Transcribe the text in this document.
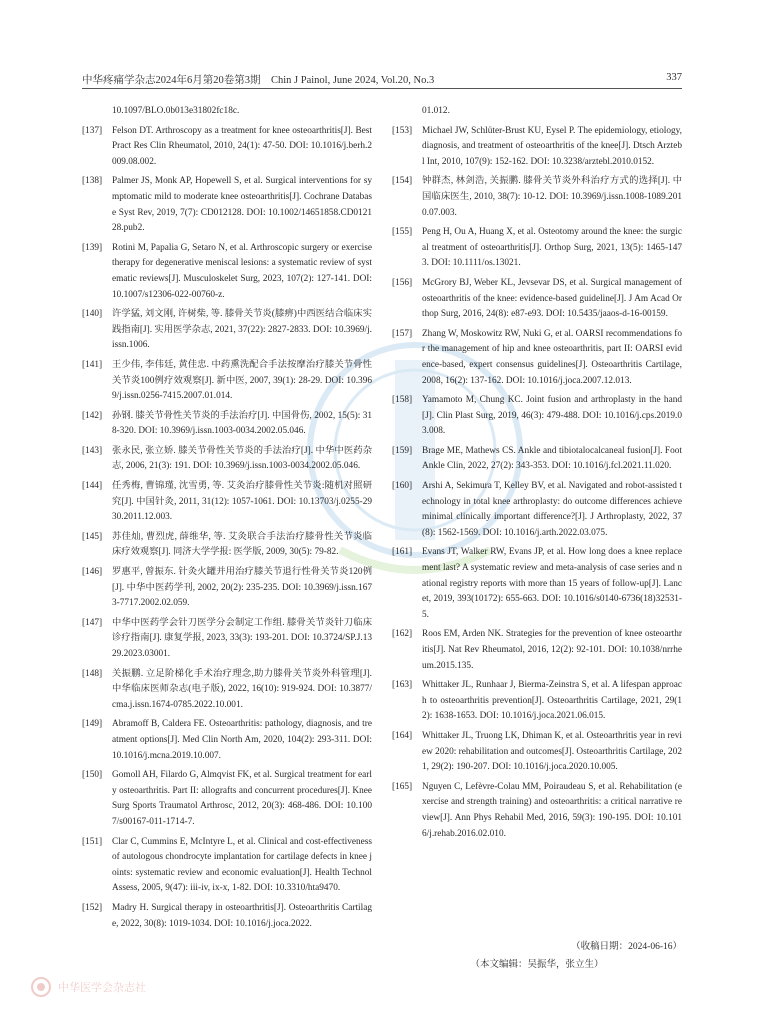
中华疼痛学杂志2024年6月第20卷第3期　Chin J Painol, June 2024, Vol.20, No.3	337
10.1097/BLO.0b013e31802fc18c.
[137] Felson DT. Arthroscopy as a treatment for knee osteoarthritis[J]. Best Pract Res Clin Rheumatol, 2010, 24(1): 47-50. DOI: 10.1016/j.berh.2009.08.002.
[138] Palmer JS, Monk AP, Hopewell S, et al. Surgical interventions for symptomatic mild to moderate knee osteoarthritis[J]. Cochrane Database Syst Rev, 2019, 7(7): CD012128. DOI: 10.1002/14651858.CD012128.pub2.
[139] Rotini M, Papalia G, Setaro N, et al. Arthroscopic surgery or exercise therapy for degenerative meniscal lesions: a systematic review of systematic reviews[J]. Musculoskelet Surg, 2023, 107(2): 127-141. DOI: 10.1007/s12306-022-00760-z.
[140] 许学猛, 刘文刚, 许树柴, 等. 膝骨关节炎(膝痹)中西医结合临床实践指南[J]. 实用医学杂志, 2021, 37(22): 2827-2833. DOI: 10.3969/j.issn.1006.
[141] 王少伟, 李伟廷, 黄佳忠. 中药熏洗配合手法按摩治疗膝关节骨性关节炎100例疗效观察[J]. 新中医, 2007, 39(1): 28-29. DOI: 10.3969/j.issn.0256-7415.2007.01.014.
[142] 孙钢. 膝关节骨性关节炎的手法治疗[J]. 中国骨伤, 2002, 15(5): 318-320. DOI: 10.3969/j.issn.1003-0034.2002.05.046.
[143] 张永民, 张立娇. 膝关节骨性关节炎的手法治疗[J]. 中华中医药杂志, 2006, 21(3): 191. DOI: 10.3969/j.issn.1003-0034.2002.05.046.
[144] 任秀梅, 曹锦瑾, 沈雪勇, 等. 艾灸治疗膝骨性关节炎:随机对照研究[J]. 中国针灸, 2011, 31(12): 1057-1061. DOI: 10.13703/j.0255-2930.2011.12.003.
[145] 苏佳灿, 曹烈虎, 薛维华, 等. 艾灸联合手法治疗膝骨性关节炎临床疗效观察[J]. 同济大学学报: 医学版, 2009, 30(5): 79-82.
[146] 罗惠平, 曾振东. 针灸火罐并用治疗膝关节退行性骨关节炎120例[J]. 中华中医药学刊, 2002, 20(2): 235-235. DOI: 10.3969/j.issn.1673-7717.2002.02.059.
[147] 中华中医药学会针刀医学分会制定工作组. 膝骨关节炎针刀临床诊疗指南[J]. 康复学报, 2023, 33(3): 193-201. DOI: 10.3724/SP.J.1329.2023.03001.
[148] 关振鹏. 立足阶梯化手术治疗理念,助力膝骨关节炎外科管理[J]. 中华临床医师杂志(电子版), 2022, 16(10): 919-924. DOI: 10.3877/cma.j.issn.1674-0785.2022.10.001.
[149] Abramoff B, Caldera FE. Osteoarthritis: pathology, diagnosis, and treatment options[J]. Med Clin North Am, 2020, 104(2): 293-311. DOI: 10.1016/j.mcna.2019.10.007.
[150] Gomoll AH, Filardo G, Almqvist FK, et al. Surgical treatment for early osteoarthritis. Part II: allografts and concurrent procedures[J]. Knee Surg Sports Traumatol Arthrosc, 2012, 20(3): 468-486. DOI: 10.1007/s00167-011-1714-7.
[151] Clar C, Cummins E, McIntyre L, et al. Clinical and cost-effectiveness of autologous chondrocyte implantation for cartilage defects in knee joints: systematic review and economic evaluation[J]. Health Technol Assess, 2005, 9(47): iii-iv, ix-x, 1-82. DOI: 10.3310/hta9470.
[152] Madry H. Surgical therapy in osteoarthritis[J]. Osteoarthritis Cartilage, 2022, 30(8): 1019-1034. DOI: 10.1016/j.joca.2022.
01.012.
[153] Michael JW, Schlüter-Brust KU, Eysel P. The epidemiology, etiology, diagnosis, and treatment of osteoarthritis of the knee[J]. Dtsch Arztebl Int, 2010, 107(9): 152-162. DOI: 10.3238/arztebl.2010.0152.
[154] 钟群杰, 林剑浩, 关振鹏. 膝骨关节炎外科治疗方式的选择[J]. 中国临床医生, 2010, 38(7): 10-12. DOI: 10.3969/j.issn.1008-1089.2010.07.003.
[155] Peng H, Ou A, Huang X, et al. Osteotomy around the knee: the surgical treatment of osteoarthritis[J]. Orthop Surg, 2021, 13(5): 1465-1473. DOI: 10.1111/os.13021.
[156] McGrory BJ, Weber KL, Jevsevar DS, et al. Surgical management of osteoarthritis of the knee: evidence-based guideline[J]. J Am Acad Orthop Surg, 2016, 24(8): e87-e93. DOI: 10.5435/jaaos-d-16-00159.
[157] Zhang W, Moskowitz RW, Nuki G, et al. OARSI recommendations for the management of hip and knee osteoarthritis, part II: OARSI evidence-based, expert consensus guidelines[J]. Osteoarthritis Cartilage, 2008, 16(2): 137-162. DOI: 10.1016/j.joca.2007.12.013.
[158] Yamamoto M, Chung KC. Joint fusion and arthroplasty in the hand[J]. Clin Plast Surg, 2019, 46(3): 479-488. DOI: 10.1016/j.cps.2019.03.008.
[159] Brage ME, Mathews CS. Ankle and tibiotalocalcaneal fusion[J]. Foot Ankle Clin, 2022, 27(2): 343-353. DOI: 10.1016/j.fcl.2021.11.020.
[160] Arshi A, Sekimura T, Kelley BV, et al. Navigated and robot-assisted technology in total knee arthroplasty: do outcome differences achieve minimal clinically important difference?[J]. J Arthroplasty, 2022, 37(8): 1562-1569. DOI: 10.1016/j.arth.2022.03.075.
[161] Evans JT, Walker RW, Evans JP, et al. How long does a knee replacement last? A systematic review and meta-analysis of case series and national registry reports with more than 15 years of follow-up[J]. Lancet, 2019, 393(10172): 655-663. DOI: 10.1016/s0140-6736(18)32531-5.
[162] Roos EM, Arden NK. Strategies for the prevention of knee osteoarthritis[J]. Nat Rev Rheumatol, 2016, 12(2): 92-101. DOI: 10.1038/nrrheum.2015.135.
[163] Whittaker JL, Runhaar J, Bierma-Zeinstra S, et al. A lifespan approach to osteoarthritis prevention[J]. Osteoarthritis Cartilage, 2021, 29(12): 1638-1653. DOI: 10.1016/j.joca.2021.06.015.
[164] Whittaker JL, Truong LK, Dhiman K, et al. Osteoarthritis year in review 2020: rehabilitation and outcomes[J]. Osteoarthritis Cartilage, 2021, 29(2): 190-207. DOI: 10.1016/j.joca.2020.10.005.
[165] Nguyen C, Lefèvre-Colau MM, Poiraudeau S, et al. Rehabilitation (exercise and strength training) and osteoarthritis: a critical narrative review[J]. Ann Phys Rehabil Med, 2016, 59(3): 190-195. DOI: 10.1016/j.rehab.2016.02.010.
（收稿日期：2024-06-16）
（本文编辑：吴振华，张立生）
中华医学会杂志社
